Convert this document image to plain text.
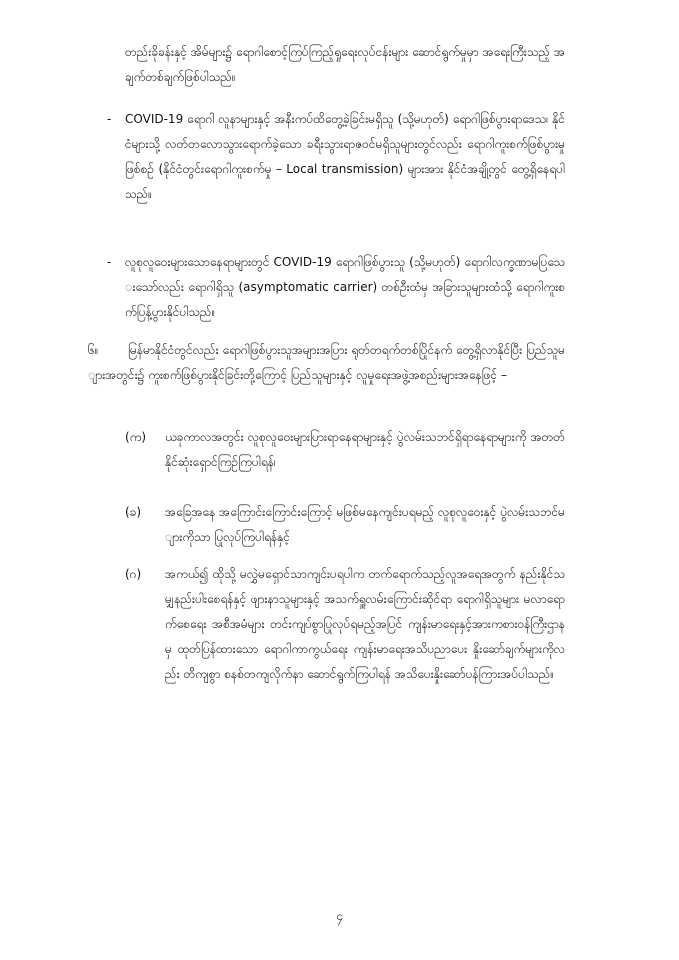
တည်းခိုခန်းနှင့် အိမ်များ၌ ရောဂါစောင့်ကြပ်ကြည့်ရှုရေးလုပ်ငန်းများ ဆောင်ရွက်မှုမှာ အရေးကြီးသည့် အချက်တစ်ချက်ဖြစ်ပါသည်။
- COVID-19 ရောဂါ လူနာများနှင့် အနီးကပ်ထိတွေ့ခဲ့ခြင်းမရှိသူ (သို့မဟုတ်) ရောဂါဖြစ်ပွားရာဒေသ၊ နိုင်ငံများသို့ လတ်တလောသွားရောက်ခဲ့သော ခရီးသွားရာဇဝင်မရှိသူများတွင်လည်း ရောဂါကူးစက်ဖြစ်ပွားမှုဖြစ်စဉ် (နိုင်ငံတွင်းရောဂါကူးစက်မှု – Local transmission) များအား နိုင်ငံအချို့တွင် တွေ့ရှိနေရပါသည်။
- လူစုလူဝေးများသောနေရာများတွင် COVID-19 ရောဂါဖြစ်ပွားသူ (သို့မဟုတ်) ရောဂါလက္ခဏာမပြသေးသော်လည်း ရောဂါရှိသူ (asymptomatic carrier) တစ်ဦးထံမှ အခြားသူများထံသို့ ရောဂါကူးစက်ပြန့်ပွားနိုင်ပါသည်။
၆။	မြန်မာနိုင်ငံတွင်လည်း ရောဂါဖြစ်ပွားသူအများအပြား ရုတ်တရက်တစ်ပြိုင်နက် တွေ့ရှိလာနိုင်ပြီး ပြည်သူများအတွင်း၌ ကူးစက်ဖြစ်ပွားနိုင်ခြင်းတို့ကြောင့် ပြည်သူများနှင့် လူမှုရေးအဖွဲ့အစည်းများအနေဖြင့် –
(က) ယခုကာလအတွင်း လူစုလူဝေးများပြားရာနေရာများနှင့် ပွဲလမ်းသဘင်ရှိရာနေရာများကို အတတ်နိုင်ဆုံးရှောင်ကြဉ်ကြပါရန်၊
(ခ) အခြေအနေ အကြောင်းကြောင်းကြောင့် မဖြစ်မနေကျင်းပရမည့် လူစုလူဝေးနှင့် ပွဲလမ်းသဘင်များကိုသာ ပြုလုပ်ကြပါရန်နှင့်
(ဂ) အကယ်၍ ထိုသို့ မလွှဲမရှောင်သာကျင်းပရပါက တက်ရောက်သည့်လူအရေအတွက် နည်းနိုင်သမျှနည်းပါးစေရန်နှင့် ဖျားနာသူများနှင့် အသက်ရှူလမ်းကြောင်းဆိုင်ရာ ရောဂါရှိသူများ မလာရောက်စေရေး အစီအမံများ တင်းကျပ်စွာပြုလုပ်ရမည့်အပြင် ကျန်းမာရေးနှင့်အားကစားဝန်ကြီးဌာနမှ ထုတ်ပြန်ထားသော ရောဂါကာကွယ်ရေး ကျန်းမာရေးအသိပညာပေး နှိုးဆော်ချက်များကိုလည်း တိကျစွာ စနစ်တကျလိုက်နာ ဆောင်ရွက်ကြပါရန် အသိပေးနှိုးဆော်ပန်ကြားအပ်ပါသည်။
၄
